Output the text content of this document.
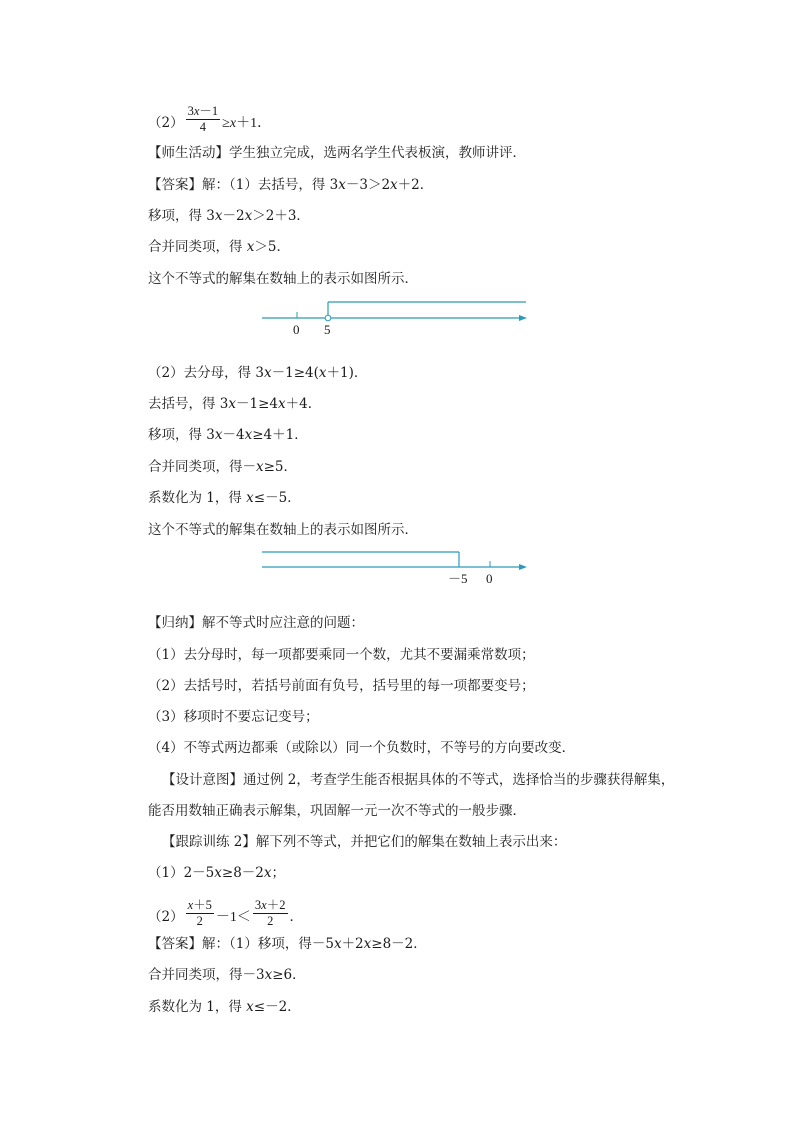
$(2) \frac{3x-1}{4} \ge x+1$．
【师生活动】学生独立完成，选两名学生代表板演，教师讲评．
【答案】解：（1）去括号，得 3x－3＞2x＋2．
移项，得 3x－2x＞2＋3．
合并同类项，得 x＞5．
这个不等式的解集在数轴上的表示如图所示．
0 5
（2）去分母，得 3x－1≥4(x＋1)．
去括号，得 3x－1≥4x＋4．
移项，得 3x－4x≥4＋1．
合并同类项，得－x≥5．
系数化为 1，得 x≤－5．
这个不等式的解集在数轴上的表示如图所示．
－5 0
【归纳】解不等式时应注意的问题：
（1）去分母时，每一项都要乘同一个数，尤其不要漏乘常数项；
（2）去括号时，若括号前面有负号，括号里的每一项都要变号；
（3）移项时不要忘记变号；
（4）不等式两边都乘（或除以）同一个负数时，不等号的方向要改变．
【设计意图】通过例 2，考查学生能否根据具体的不等式，选择恰当的步骤获得解集，
能否用数轴正确表示解集，巩固解一元一次不等式的一般步骤．
【跟踪训练 2】解下列不等式，并把它们的解集在数轴上表示出来：
（1）2－5x≥8－2x；
$(2) \frac{x+5}{2} -1< \frac{3x+2}{2}$ ．
【答案】解：（1）移项，得－5x＋2x≥8－2．
合并同类项，得－3x≥6．
系数化为 1，得 x≤－2．
